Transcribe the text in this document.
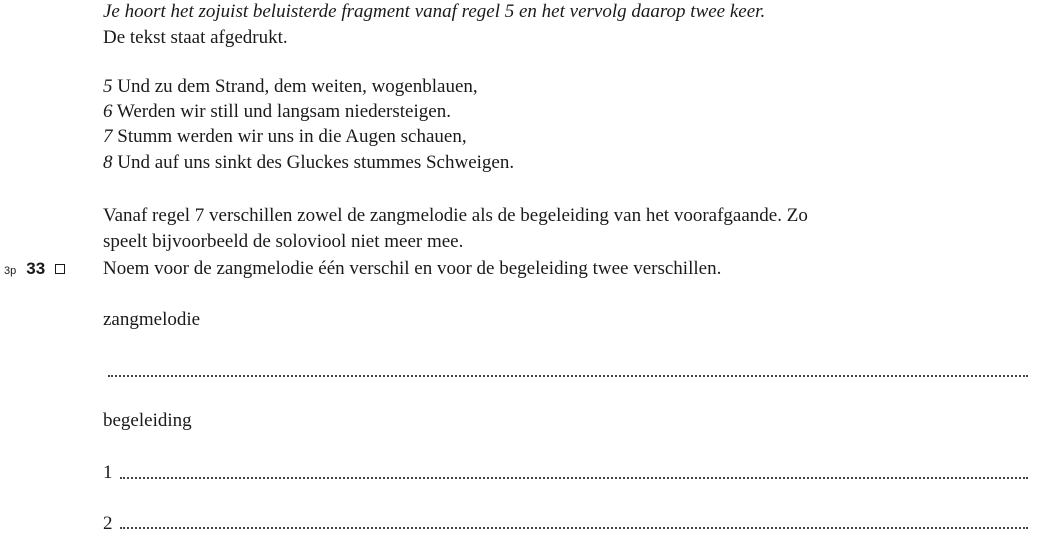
Je hoort het zojuist beluisterde fragment vanaf regel 5 en het vervolg daarop twee keer.
De tekst staat afgedrukt.
5 Und zu dem Strand, dem weiten, wogenblauen,
6 Werden wir still und langsam niedersteigen.
7 Stumm werden wir uns in die Augen schauen,
8 Und auf uns sinkt des Gluckes stummes Schweigen.
Vanaf regel 7 verschillen zowel de zangmelodie als de begeleiding van het voorafgaande. Zo
speelt bijvoorbeeld de soloviool niet meer mee.
3p 33	Noem voor de zangmelodie één verschil en voor de begeleiding twee verschillen.
zangmelodie
begeleiding
1
2
